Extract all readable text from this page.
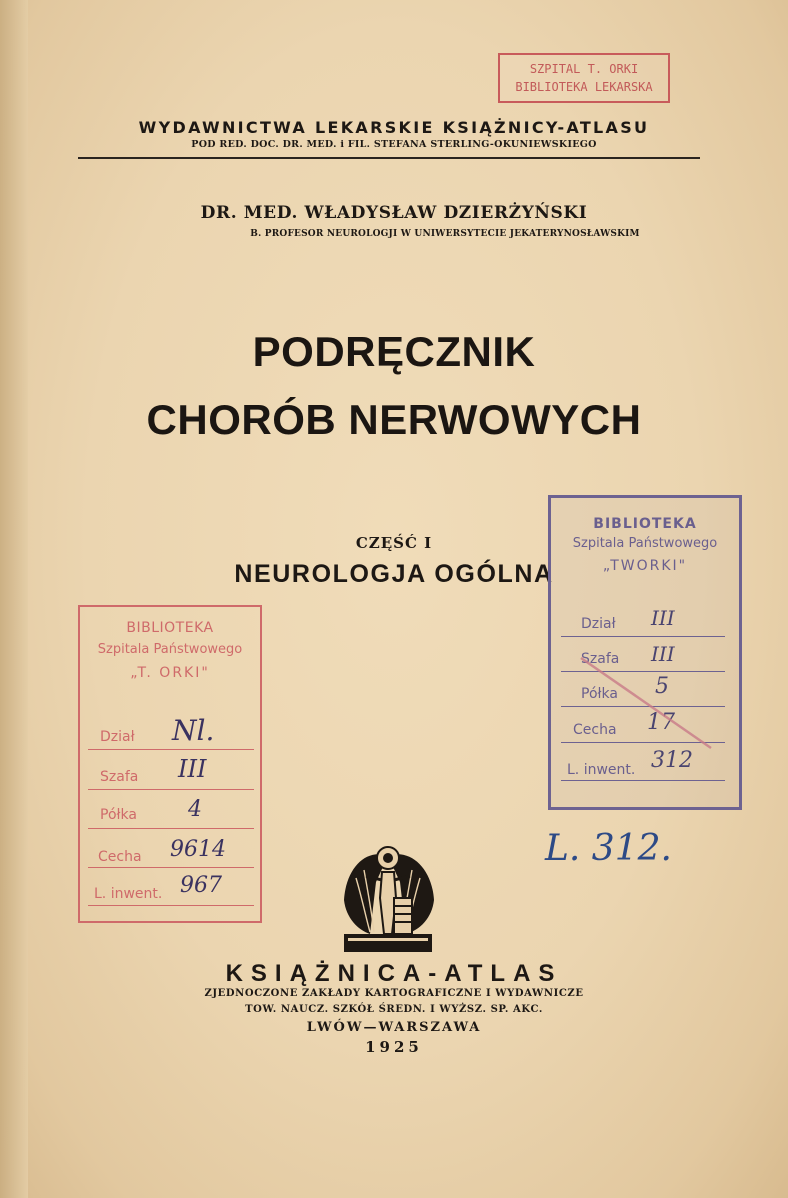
WYDAWNICTWA LEKARSKIE KSIĄŻNICY-ATLASU
POD RED. DOC. DR. MED. i FIL. STEFANA STERLING-OKUNIEWSKIEGO
DR. MED. WŁADYSŁAW DZIERŻYŃSKI
B. PROFESOR NEUROLOGJI W UNIWERSYTECIE JEKATERYNOSŁAWSKIM
PODRĘCZNIK
CHORÓB NERWOWYCH
CZĘŚĆ I
NEUROLOGJA OGÓLNA
KSIĄŻNICA-ATLAS
ZJEDNOCZONE ZAKŁADY KARTOGRAFICZNE I WYDAWNICZE
TOW. NAUCZ. SZKÓŁ ŚREDN. I WYŻSZ. SP. AKC.
LWÓW—WARSZAWA
1925
SZPITAL T. ORKI
BIBLIOTEKA LEKARSKA
BIBLIOTEKA
Szpitala Państwowego
„T. ORKI"
Dział Nl.
Szafa III
Półka 4
Cecha 9614
L. inwent. 967
BIBLIOTEKA
Szpitala Państwowego
„TWORKI"
Dział III
Szafa III
Półka 5
Cecha 17
L. inwent. 312
L. 312.
